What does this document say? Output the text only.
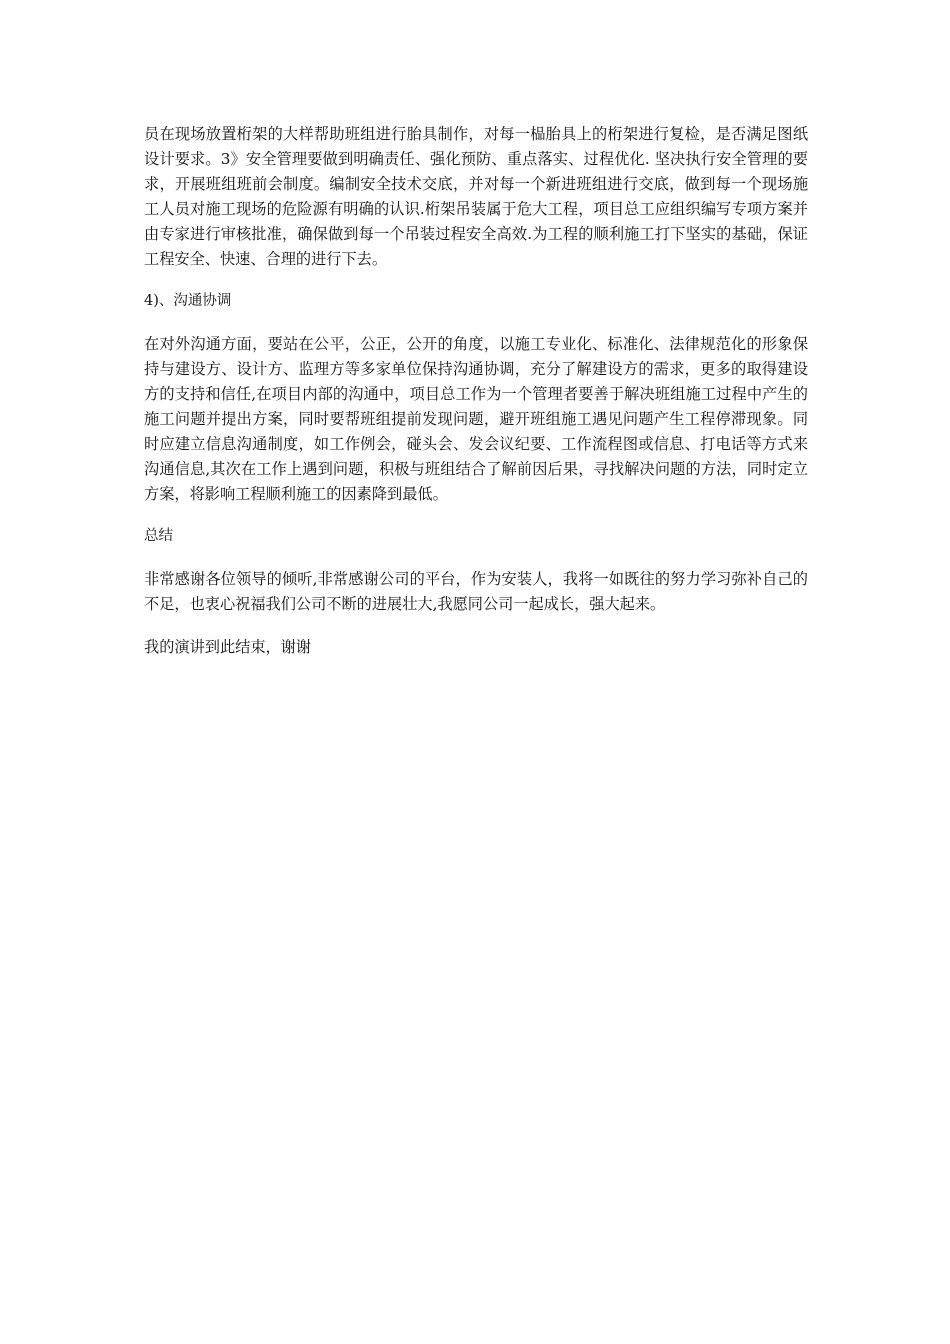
员在现场放置桁架的大样帮助班组进行胎具制作，对每一榀胎具上的桁架进行复检，是否满足图纸设计要求。3》安全管理要做到明确责任、强化预防、重点落实、过程优化. 坚决执行安全管理的要求，开展班组班前会制度。编制安全技术交底，并对每一个新进班组进行交底，做到每一个现场施工人员对施工现场的危险源有明确的认识.桁架吊装属于危大工程，项目总工应组织编写专项方案并由专家进行审核批准，确保做到每一个吊装过程安全高效.为工程的顺利施工打下坚实的基础，保证工程安全、快速、合理的进行下去。

4)、沟通协调

在对外沟通方面，要站在公平，公正，公开的角度，以施工专业化、标准化、法律规范化的形象保持与建设方、设计方、监理方等多家单位保持沟通协调，充分了解建设方的需求，更多的取得建设方的支持和信任,在项目内部的沟通中，项目总工作为一个管理者要善于解决班组施工过程中产生的施工问题并提出方案，同时要帮班组提前发现问题，避开班组施工遇见问题产生工程停滞现象。同时应建立信息沟通制度，如工作例会，碰头会、发会议纪要、工作流程图或信息、打电话等方式来沟通信息,其次在工作上遇到问题，积极与班组结合了解前因后果，寻找解决问题的方法，同时定立方案，将影响工程顺利施工的因素降到最低。

总结

非常感谢各位领导的倾听,非常感谢公司的平台，作为安装人，我将一如既往的努力学习弥补自己的不足，也衷心祝福我们公司不断的进展壮大,我愿同公司一起成长，强大起来。

我的演讲到此结束，谢谢
